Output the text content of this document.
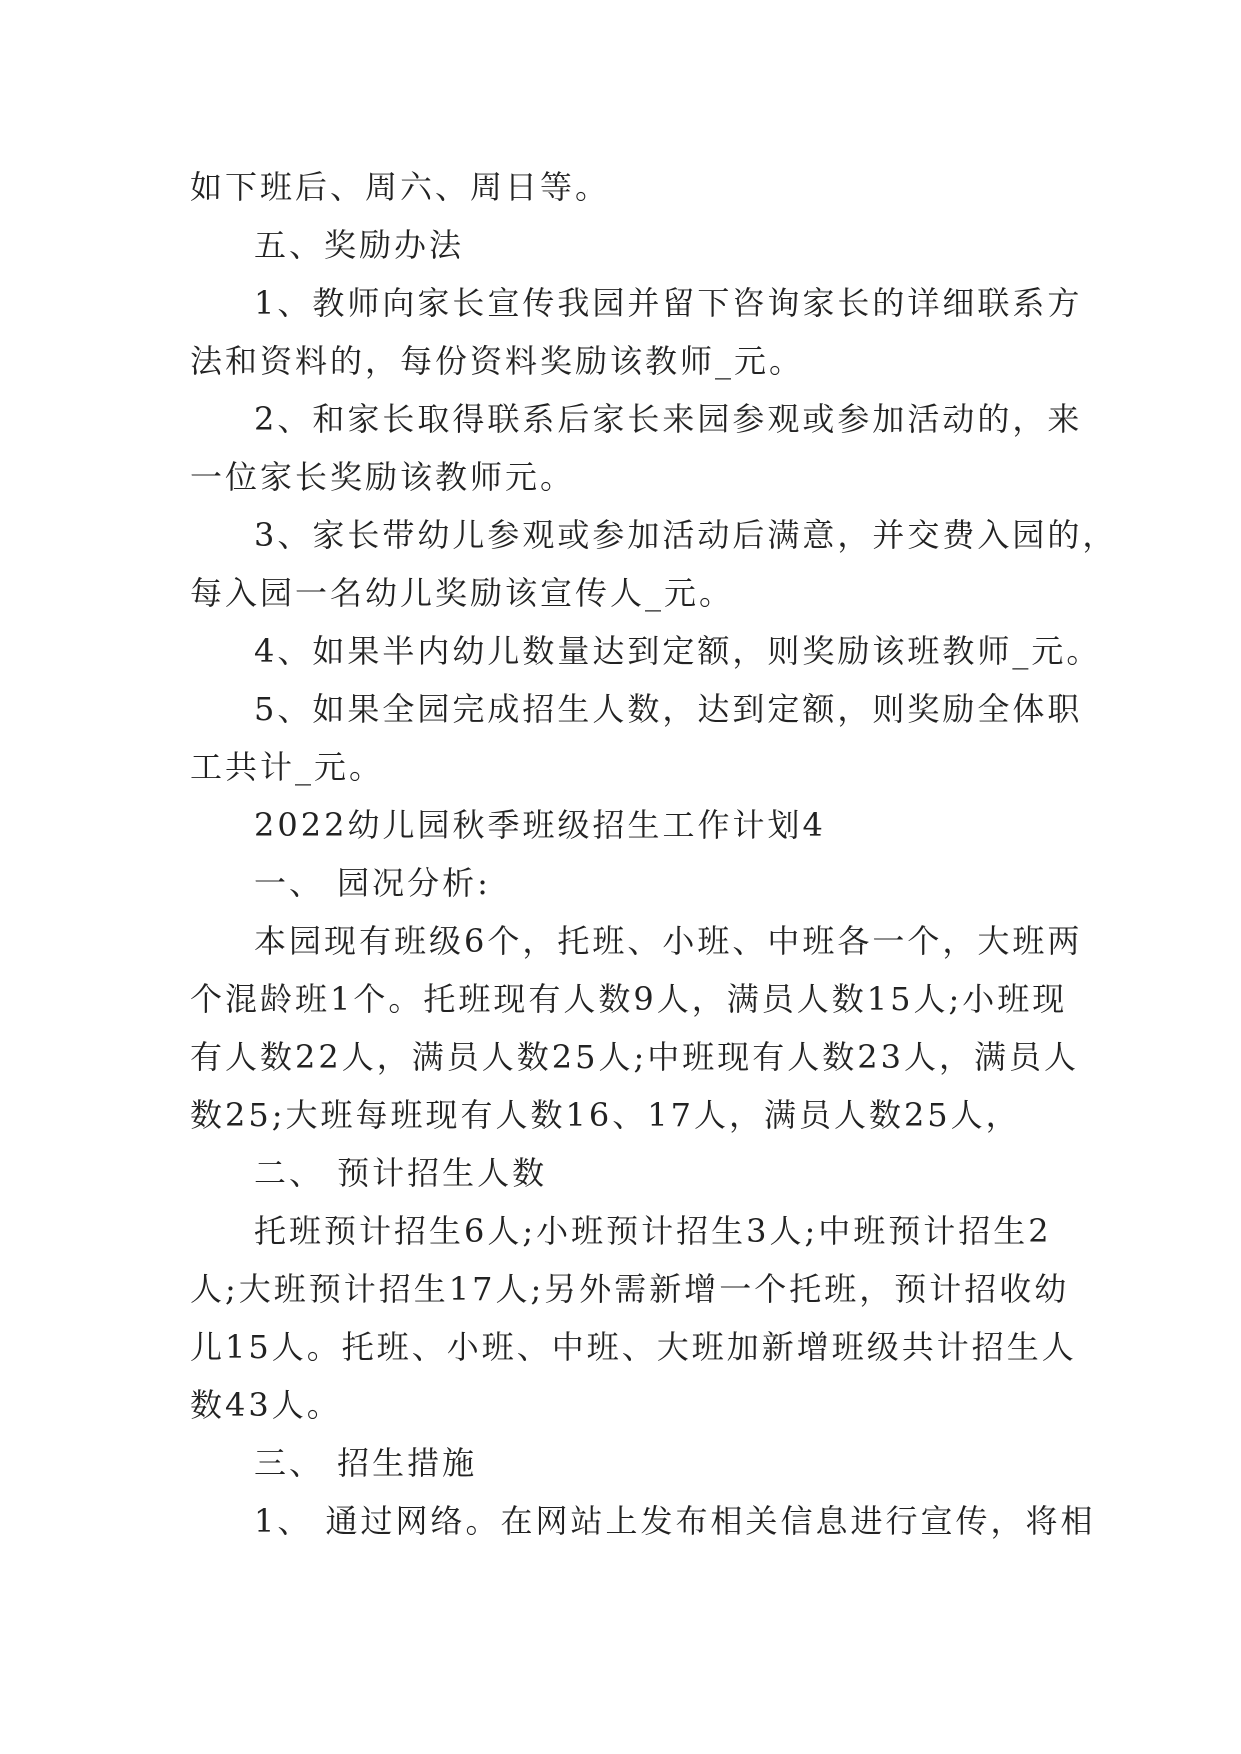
如下班后、周六、周日等。
五、奖励办法
1、教师向家长宣传我园并留下咨询家长的详细联系方
法和资料的，每份资料奖励该教师_元。
2、和家长取得联系后家长来园参观或参加活动的，来
一位家长奖励该教师元。
3、家长带幼儿参观或参加活动后满意，并交费入园的，
每入园一名幼儿奖励该宣传人_元。
4、如果半内幼儿数量达到定额，则奖励该班教师_元。
5、如果全园完成招生人数，达到定额，则奖励全体职
工共计_元。
2022幼儿园秋季班级招生工作计划4
一、 园况分析:
本园现有班级6个，托班、小班、中班各一个，大班两
个混龄班1个。托班现有人数9人，满员人数15人;小班现
有人数22人，满员人数25人;中班现有人数23人，满员人
数25;大班每班现有人数16、17人，满员人数25人，
二、 预计招生人数
托班预计招生6人;小班预计招生3人;中班预计招生2
人;大班预计招生17人;另外需新增一个托班，预计招收幼
儿15人。托班、小班、中班、大班加新增班级共计招生人
数43人。
三、 招生措施
1、 通过网络。在网站上发布相关信息进行宣传，将相
